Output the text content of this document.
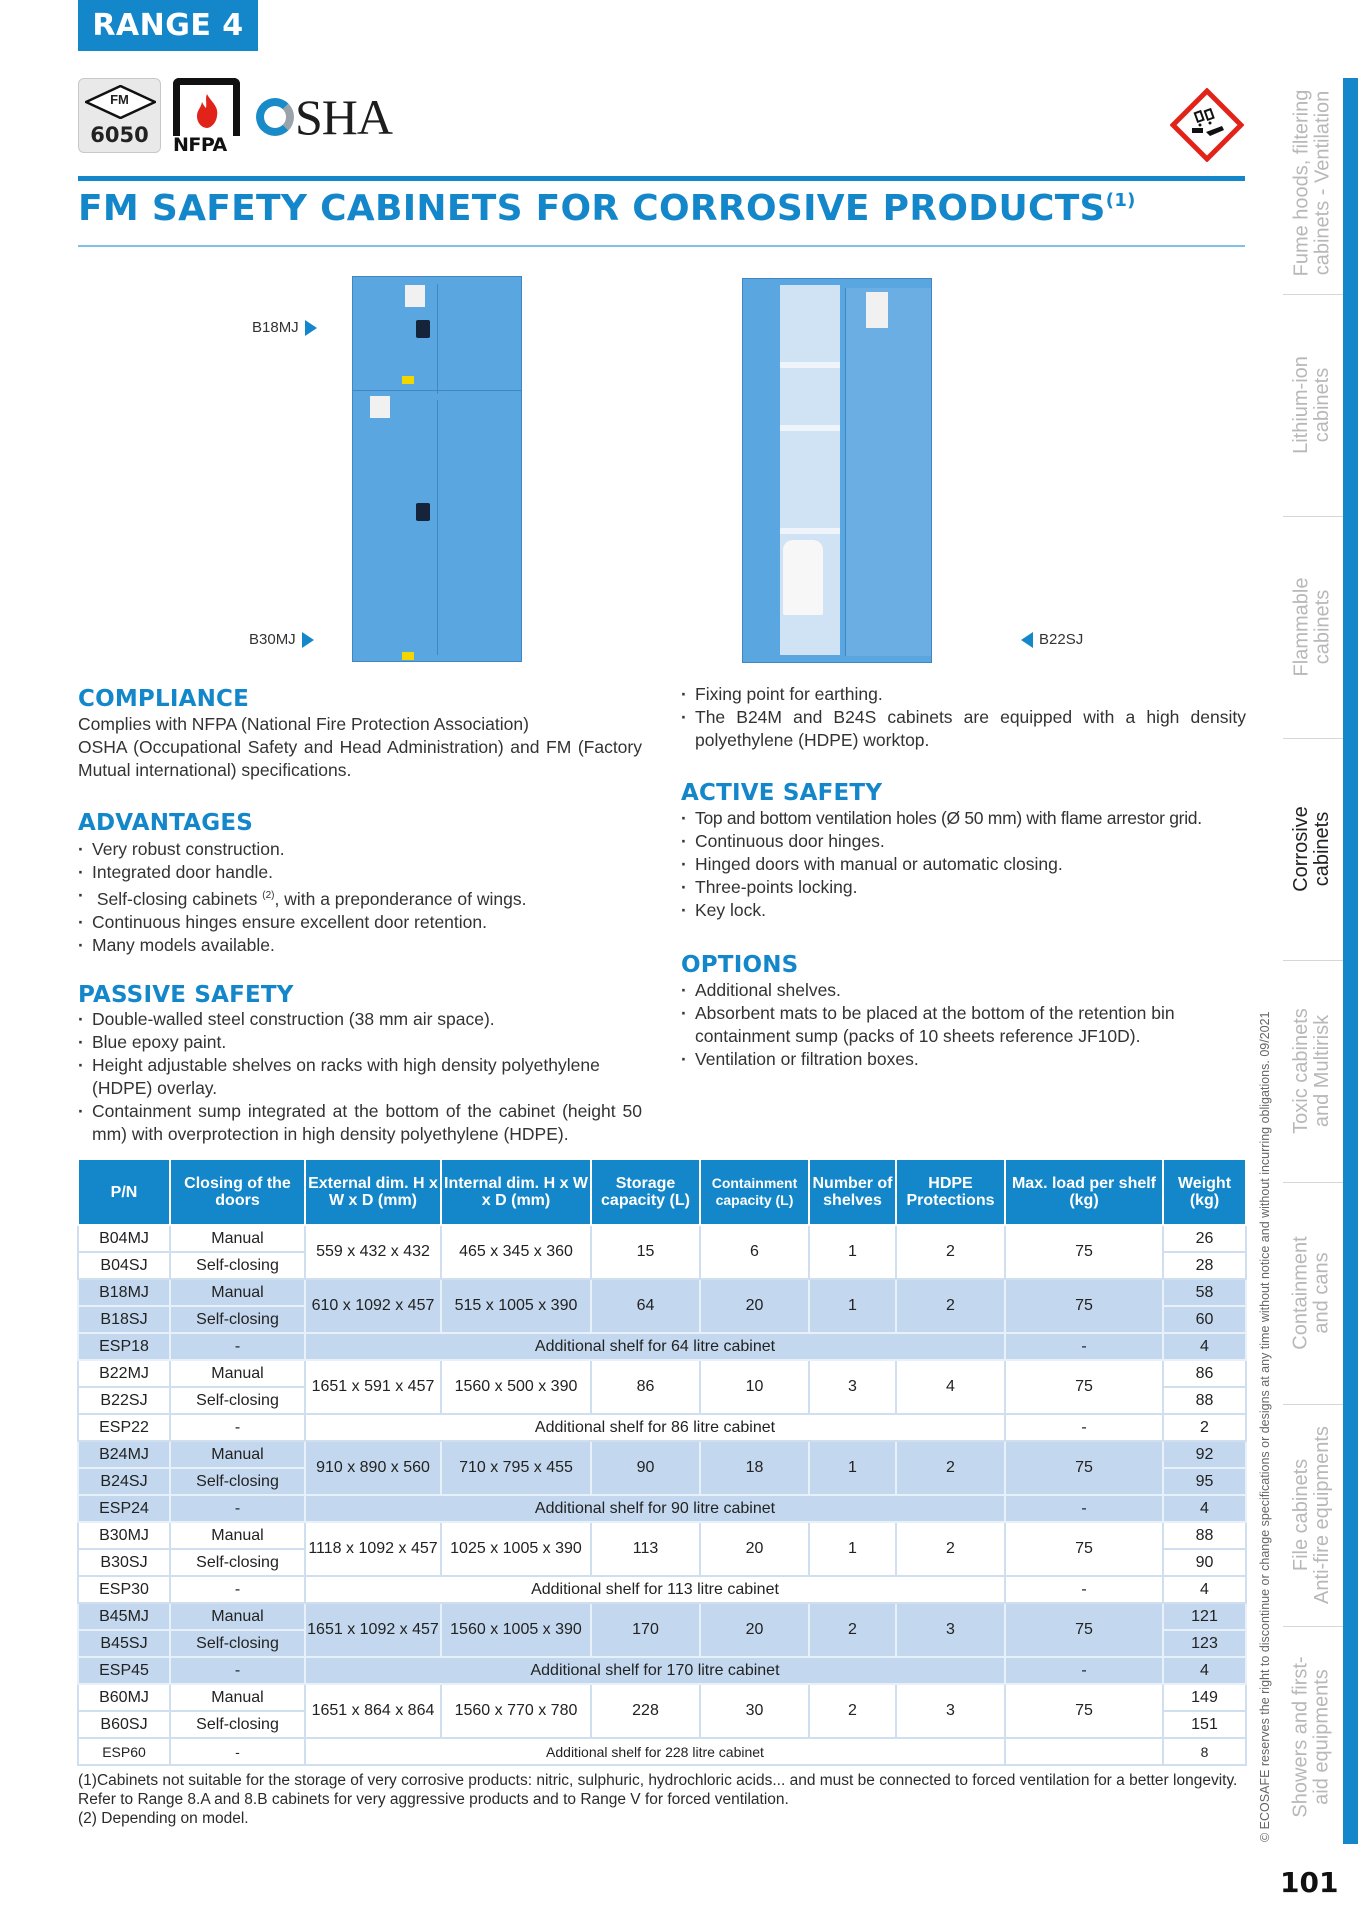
RANGE 4
FM
6050	NFPA SHA
FM SAFETY CABINETS FOR CORROSIVE PRODUCTS$^{(1)}$
B18MJ
B30MJ	B22SJ
COMPLIANCE

Complies with NFPA (National Fire Protection Association)

OSHA (Occupational Safety and Head Administration) and FM (Factory Mutual international) specifications.

ADVANTAGES
· Very robust construction.
· Integrated door handle.
· Self-closing cabinets $^{(2)}$, with a preponderance of wings.
· Continuous hinges ensure excellent door retention.
· Many models available.
PASSIVE SAFETY
· Double-walled steel construction (38 mm air space).
· Blue epoxy paint.
· Height adjustable shelves on racks with high density polyethylene (HDPE) overlay.
· Containment sump integrated at the bottom of the cabinet (height 50 mm) with overprotection in high density polyethylene (HDPE).
· Fixing point for earthing.
· The B24M and B24S cabinets are equipped with a high density polyethylene (HDPE) worktop.
ACTIVE SAFETY
· Top and bottom ventilation holes (Ø 50 mm) with flame arrestor grid.
· Continuous door hinges.
· Hinged doors with manual or automatic closing.
· Three-points locking.
· Key lock.
OPTIONS
· Additional shelves.
· Absorbent mats to be placed at the bottom of the retention bin containment sump (packs of 10 sheets reference JF10D).
· Ventilation or filtration boxes.
P/N	Closing of the doors	External dim. H x W x D (mm)	Internal dim. H x W x D (mm)	Storage capacity (L)	Containment capacity (L)	Number of shelves	HDPE Protections	Max. load per shelf (kg)	Weight (kg)
B04MJ	Manual	559 x 432 x 432	465 x 345 x 360	15	6	1	2	75	26
B04SJ	Self-closing								28
B18MJ	Manual	610 x 1092 x 457	515 x 1005 x 390	64	20	1	2	75	58
B18SJ	Self-closing								60
ESP18	-	Additional shelf for 64 litre cabinet						-	4
B22MJ	Manual	1651 x 591 x 457	1560 x 500 x 390	86	10	3	4	75	86
B22SJ	Self-closing								88
ESP22	-	Additional shelf for 86 litre cabinet						-	2
B24MJ	Manual	910 x 890 x 560	710 x 795 x 455	90	18	1	2	75	92
B24SJ	Self-closing								95
ESP24	-	Additional shelf for 90 litre cabinet						-	4
B30MJ	Manual	1118 x 1092 x 457	1025 x 1005 x 390	113	20	1	2	75	88
B30SJ	Self-closing								90
ESP30	-	Additional shelf for 113 litre cabinet						-	4
B45MJ	Manual	1651 x 1092 x 457	1560 x 1005 x 390	170	20	2	3	75	121
B45SJ	Self-closing								123
ESP45	-	Additional shelf for 170 litre cabinet						-	4
B60MJ	Manual	1651 x 864 x 864	1560 x 770 x 780	228	30	2	3	75	149
B60SJ	Self-closing								151
ESP60	-	Additional shelf for 228 litre cabinet							8

(1)Cabinets not suitable for the storage of very corrosive products: nitric, sulphuric, hydrochloric acids... and must be connected to forced ventilation for a better longevity. Refer to Range 8.A and 8.B cabinets for very aggressive products and to Range V for forced ventilation.

(2) Depending on model.

Fume hoods, filtering cabinets - Ventilation
Lithium-ion cabinets
Flammable cabinets
Corrosive cabinets
Toxic cabinets and Multirisk
Containment and cans
File cabinets Anti-fire equipments
Showers and first- aid equipments
© ECOSAFE reserves the right to discontinue or change specifications or designs at any time without notice and without incurring obligations. 09/2021
101
